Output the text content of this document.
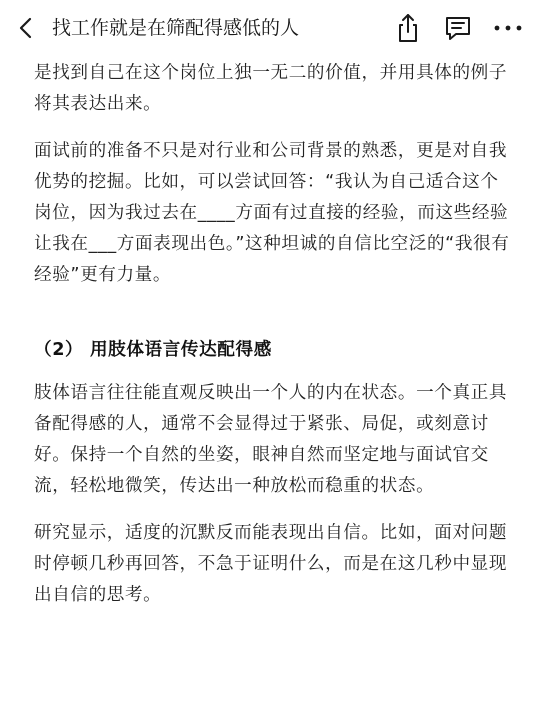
找工作就是在筛配得感低的人

是找到自己在这个岗位上独一无二的价值，并用具体的例子将其表达出来。

面试前的准备不只是对行业和公司背景的熟悉，更是对自我优势的挖掘。比如，可以尝试回答：“我认为自己适合这个岗位，因为我过去在____方面有过直接的经验，而这些经验让我在___方面表现出色。”这种坦诚的自信比空泛的“我很有经验”更有力量。

（2） 用肢体语言传达配得感

肢体语言往往能直观反映出一个人的内在状态。一个真正具备配得感的人，通常不会显得过于紧张、局促，或刻意讨好。保持一个自然的坐姿，眼神自然而坚定地与面试官交流，轻松地微笑，传达出一种放松而稳重的状态。

研究显示，适度的沉默反而能表现出自信。比如，面对问题时停顿几秒再回答，不急于证明什么，而是在这几秒中显现出自信的思考。
